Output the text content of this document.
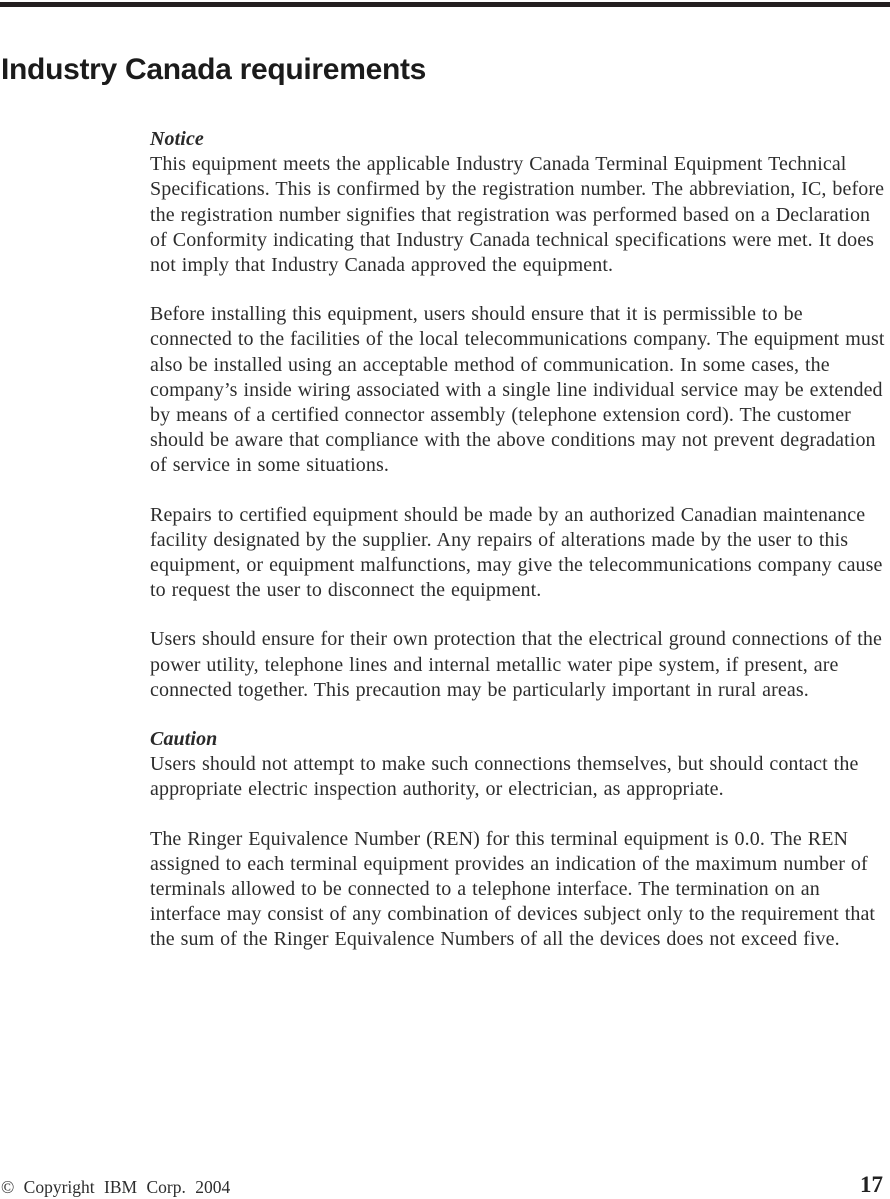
Industry Canada requirements
Notice

This equipment meets the applicable Industry Canada Terminal Equipment Technical Specifications. This is confirmed by the registration number. The abbreviation, IC, before the registration number signifies that registration was performed based on a Declaration of Conformity indicating that Industry Canada technical specifications were met. It does not imply that Industry Canada approved the equipment.

Before installing this equipment, users should ensure that it is permissible to be connected to the facilities of the local telecommunications company. The equipment must also be installed using an acceptable method of communication. In some cases, the company’s inside wiring associated with a single line individual service may be extended by means of a certified connector assembly (telephone extension cord). The customer should be aware that compliance with the above conditions may not prevent degradation of service in some situations.

Repairs to certified equipment should be made by an authorized Canadian maintenance facility designated by the supplier. Any repairs of alterations made by the user to this equipment, or equipment malfunctions, may give the telecommunications company cause to request the user to disconnect the equipment.

Users should ensure for their own protection that the electrical ground connections of the power utility, telephone lines and internal metallic water pipe system, if present, are connected together. This precaution may be particularly important in rural areas.

Caution

Users should not attempt to make such connections themselves, but should contact the appropriate electric inspection authority, or electrician, as appropriate.

The Ringer Equivalence Number (REN) for this terminal equipment is 0.0. The REN assigned to each terminal equipment provides an indication of the maximum number of terminals allowed to be connected to a telephone interface. The termination on an interface may consist of any combination of devices subject only to the requirement that the sum of the Ringer Equivalence Numbers of all the devices does not exceed five.

© Copyright IBM Corp. 2004	17
